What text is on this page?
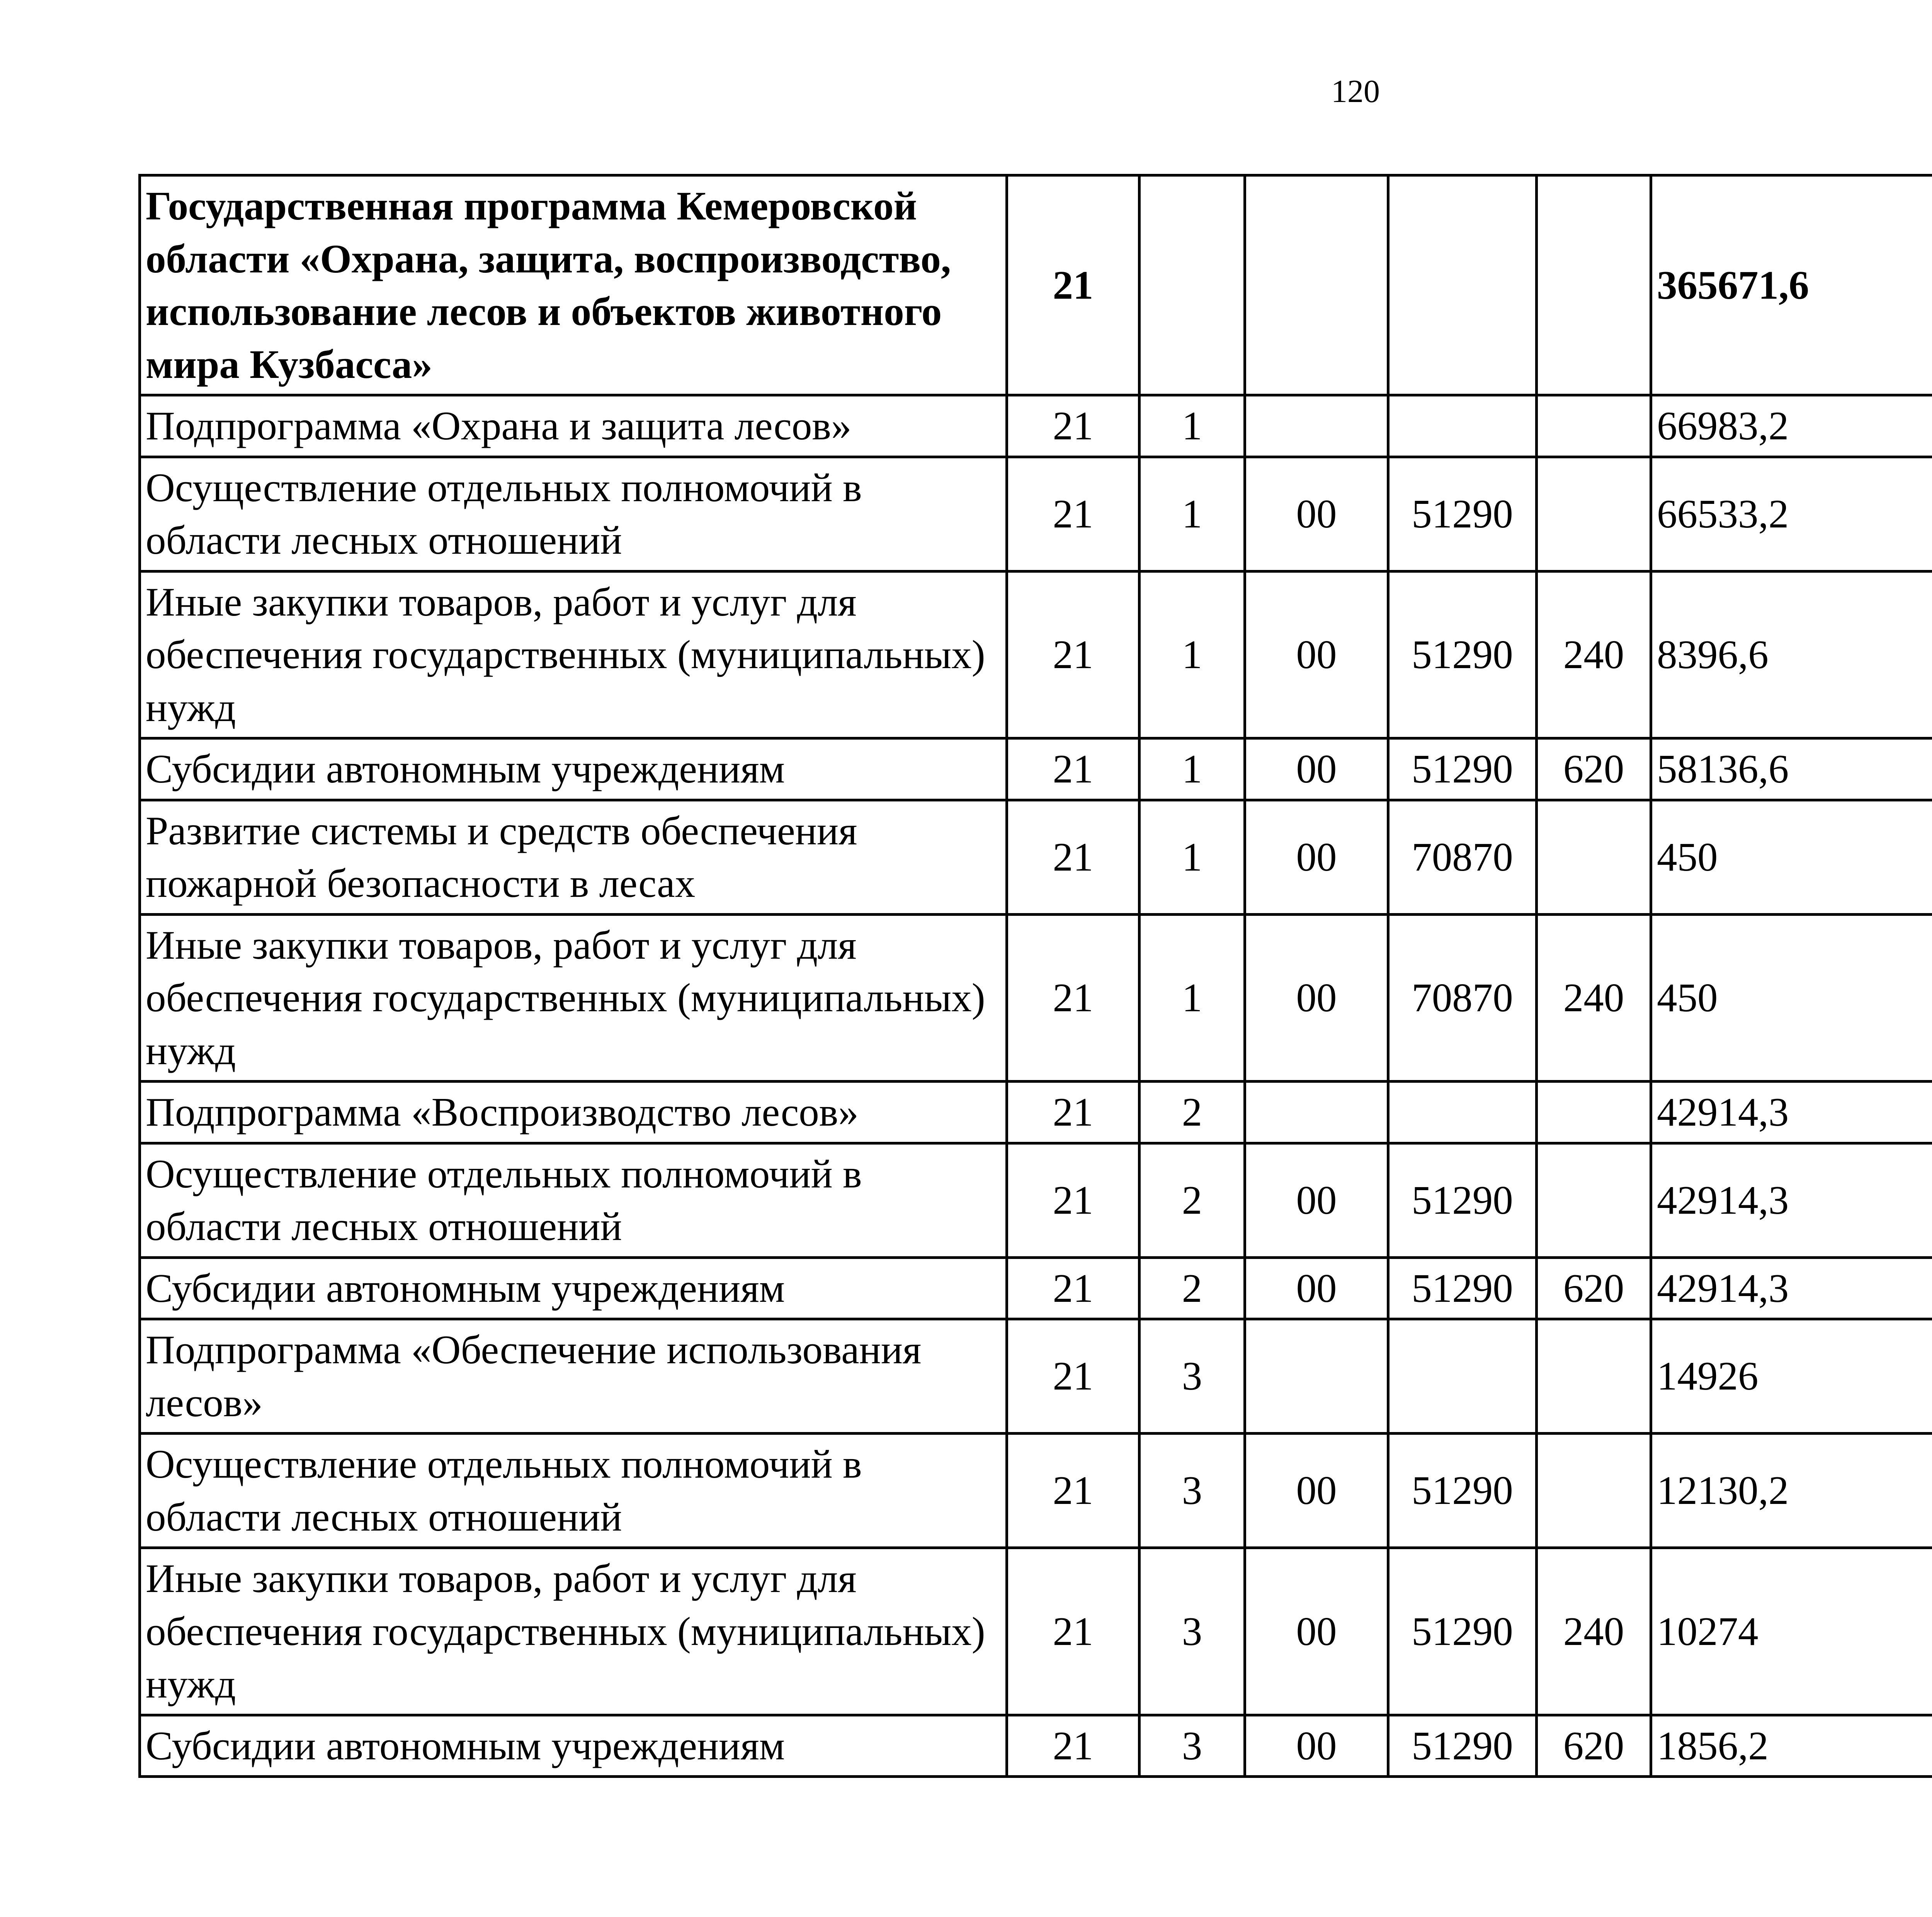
120
Государственная программа Кемеровской области «Охрана, защита, воспроизводство, использование лесов и объектов животного мира Кузбасса»	21					365671,6		
Подпрограмма «Охрана и защита лесов»	21	1				66983,2		
Осуществление отдельных полномочий в области лесных отношений	21	1	00	51290		66533,2		
Иные закупки товаров, работ и услуг для обеспечения государственных (муниципальных) нужд	21	1	00	51290	240	8396,6		
Субсидии автономным учреждениям	21	1	00	51290	620	58136,6		
Развитие системы и средств обеспечения пожарной безопасности в лесах	21	1	00	70870		450		
Иные закупки товаров, работ и услуг для обеспечения государственных (муниципальных) нужд	21	1	00	70870	240	450		
Подпрограмма «Воспроизводство лесов»	21	2				42914,3		
Осуществление отдельных полномочий в области лесных отношений	21	2	00	51290		42914,3		
Субсидии автономным учреждениям	21	2	00	51290	620	42914,3		
Подпрограмма «Обеспечение использования лесов»	21	3				14926		
Осуществление отдельных полномочий в области лесных отношений	21	3	00	51290		12130,2		
Иные закупки товаров, работ и услуг для обеспечения государственных (муниципальных) нужд	21	3	00	51290	240	10274		
Субсидии автономным учреждениям	21	3	00	51290	620	1856,2		
